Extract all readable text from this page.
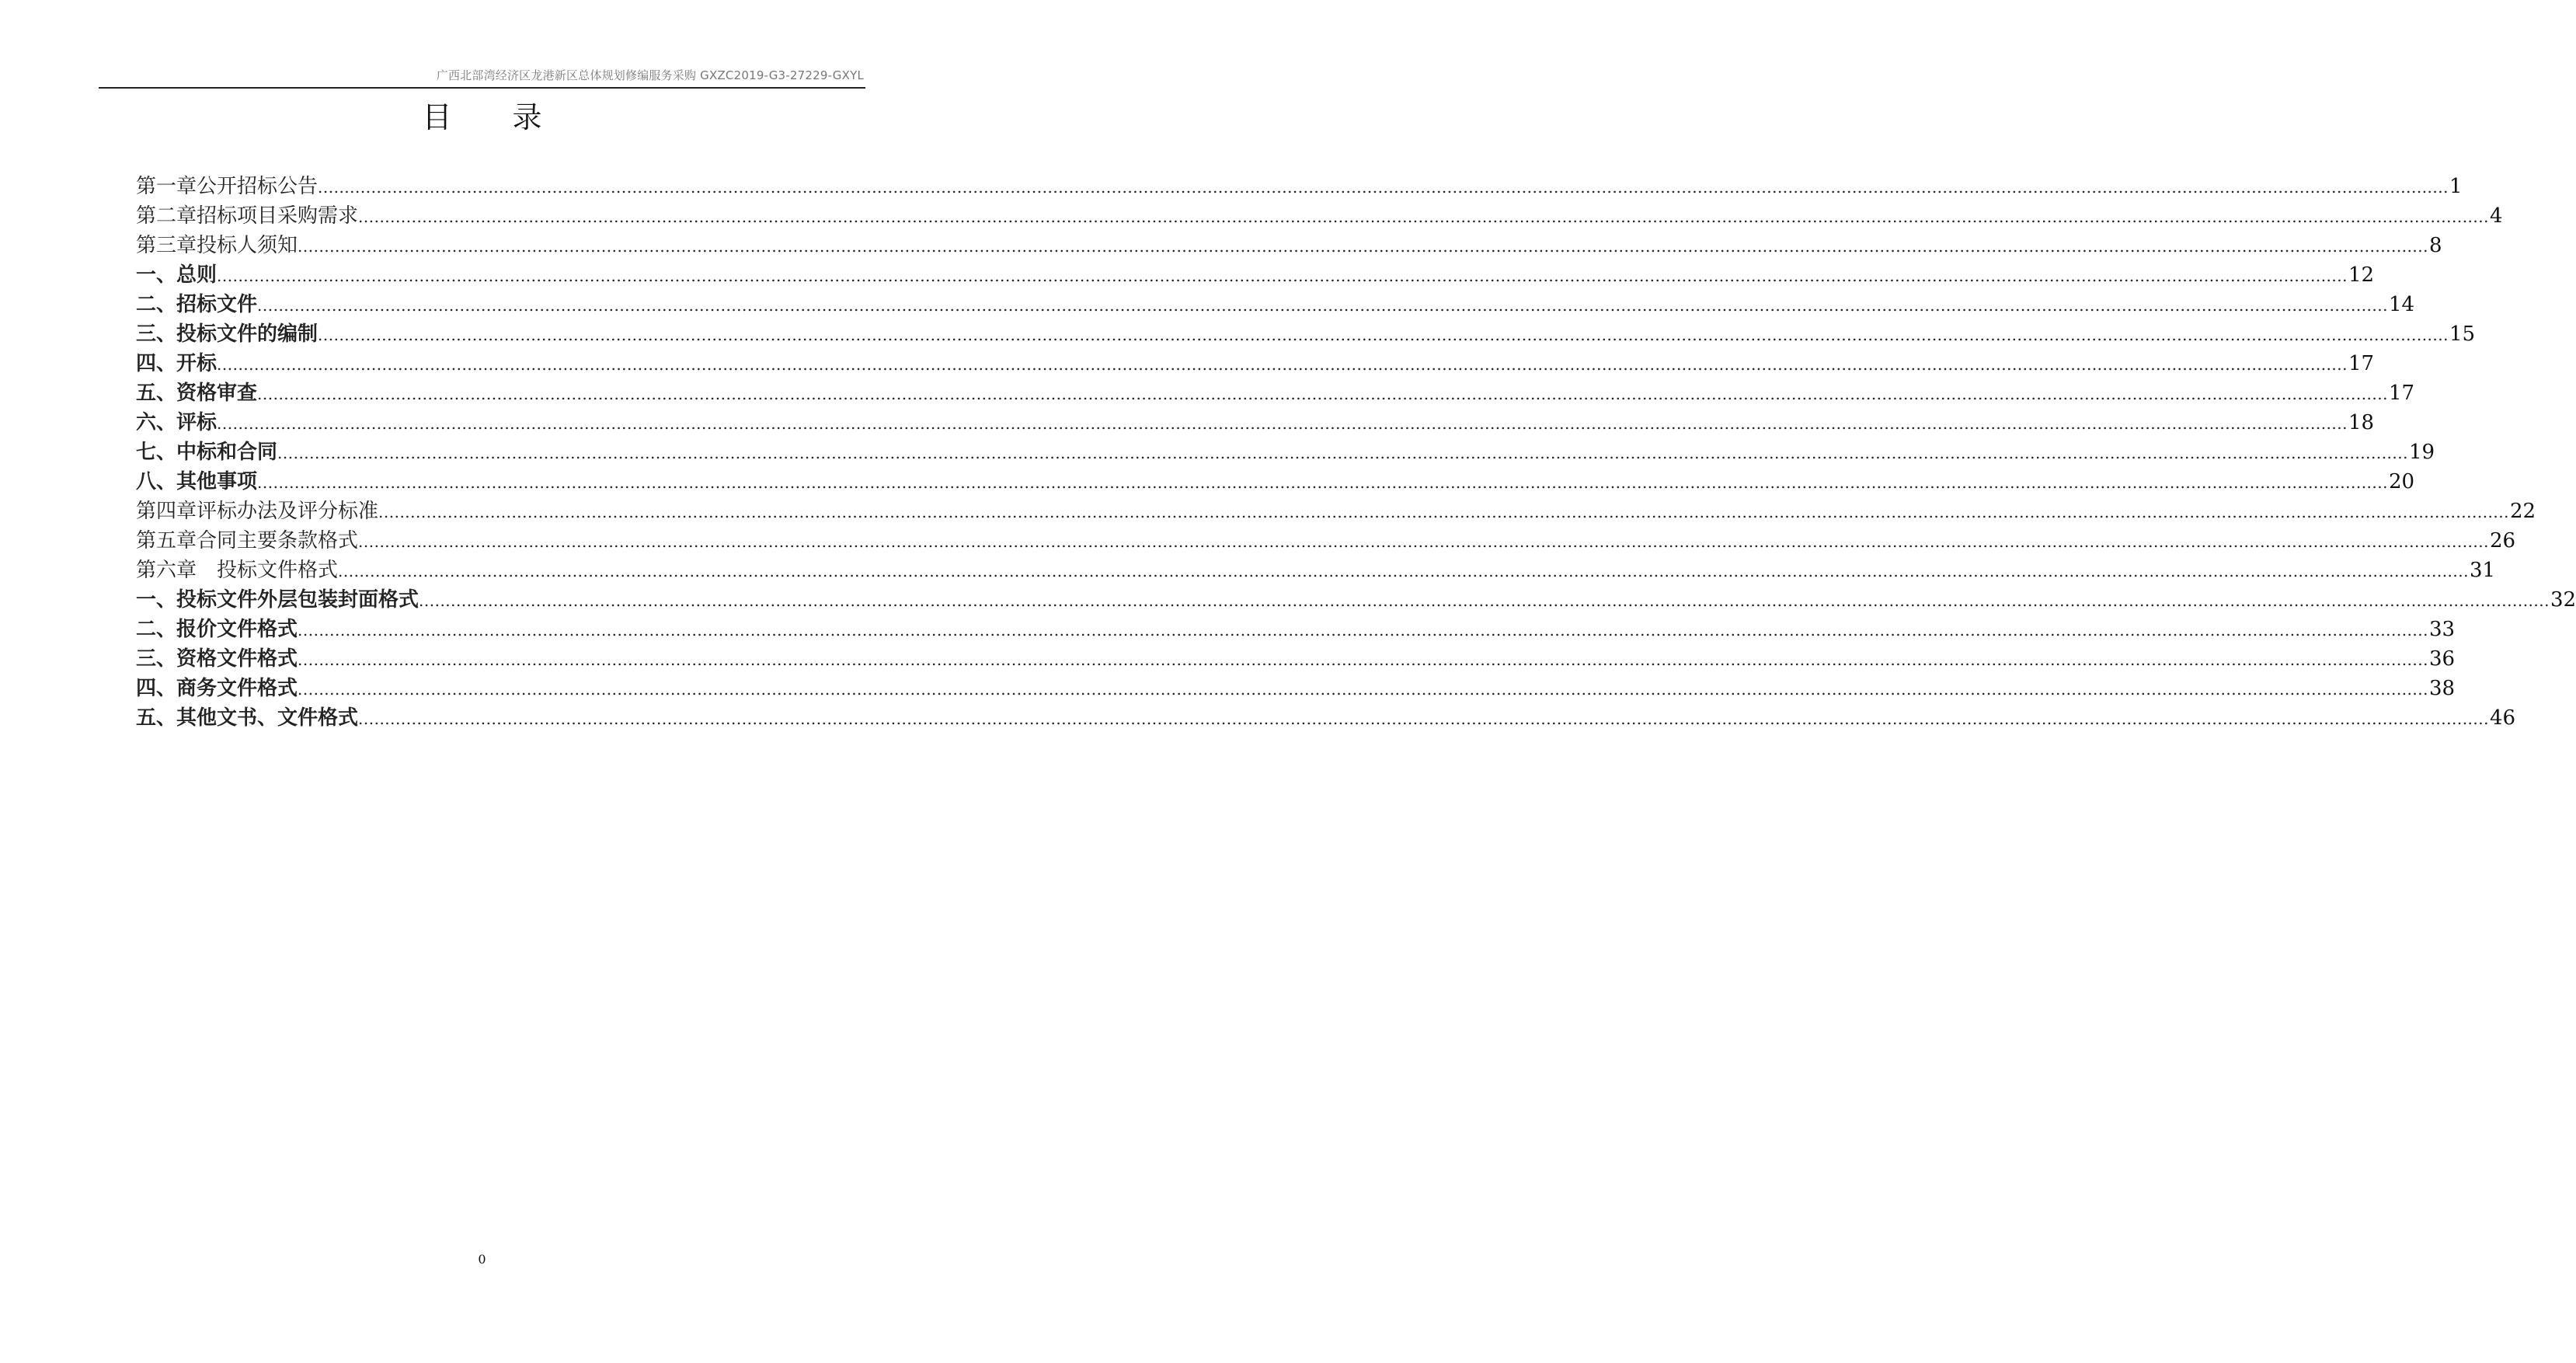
广西北部湾经济区龙港新区总体规划修编服务采购 GXZC2019-G3-27229-GXYL
目录
第一章公开招标公告 ................................................................................................................................................................................................................................................................................................................................................................................................................ 1
第二章招标项目采购需求 ................................................................................................................................................................................................................................................................................................................................................................................................................ 4
第三章投标人须知 ................................................................................................................................................................................................................................................................................................................................................................................................................ 8
一、总则 ................................................................................................................................................................................................................................................................................................................................................................................................................ 12
二、招标文件 ................................................................................................................................................................................................................................................................................................................................................................................................................ 14
三、投标文件的编制 ................................................................................................................................................................................................................................................................................................................................................................................................................ 15
四、开标 ................................................................................................................................................................................................................................................................................................................................................................................................................ 17
五、资格审查 ................................................................................................................................................................................................................................................................................................................................................................................................................ 17
六、评标 ................................................................................................................................................................................................................................................................................................................................................................................................................ 18
七、中标和合同 ................................................................................................................................................................................................................................................................................................................................................................................................................ 19
八、其他事项 ................................................................................................................................................................................................................................................................................................................................................................................................................ 20
第四章评标办法及评分标准 ................................................................................................................................................................................................................................................................................................................................................................................................................ 22
第五章合同主要条款格式 ................................................................................................................................................................................................................................................................................................................................................................................................................ 26
第六章　投标文件格式 ................................................................................................................................................................................................................................................................................................................................................................................................................ 31
一、投标文件外层包装封面格式 ................................................................................................................................................................................................................................................................................................................................................................................................................ 32
二、报价文件格式 ................................................................................................................................................................................................................................................................................................................................................................................................................ 33
三、资格文件格式 ................................................................................................................................................................................................................................................................................................................................................................................................................ 36
四、商务文件格式 ................................................................................................................................................................................................................................................................................................................................................................................................................ 38
五、其他文书、文件格式 ................................................................................................................................................................................................................................................................................................................................................................................................................ 46
0
